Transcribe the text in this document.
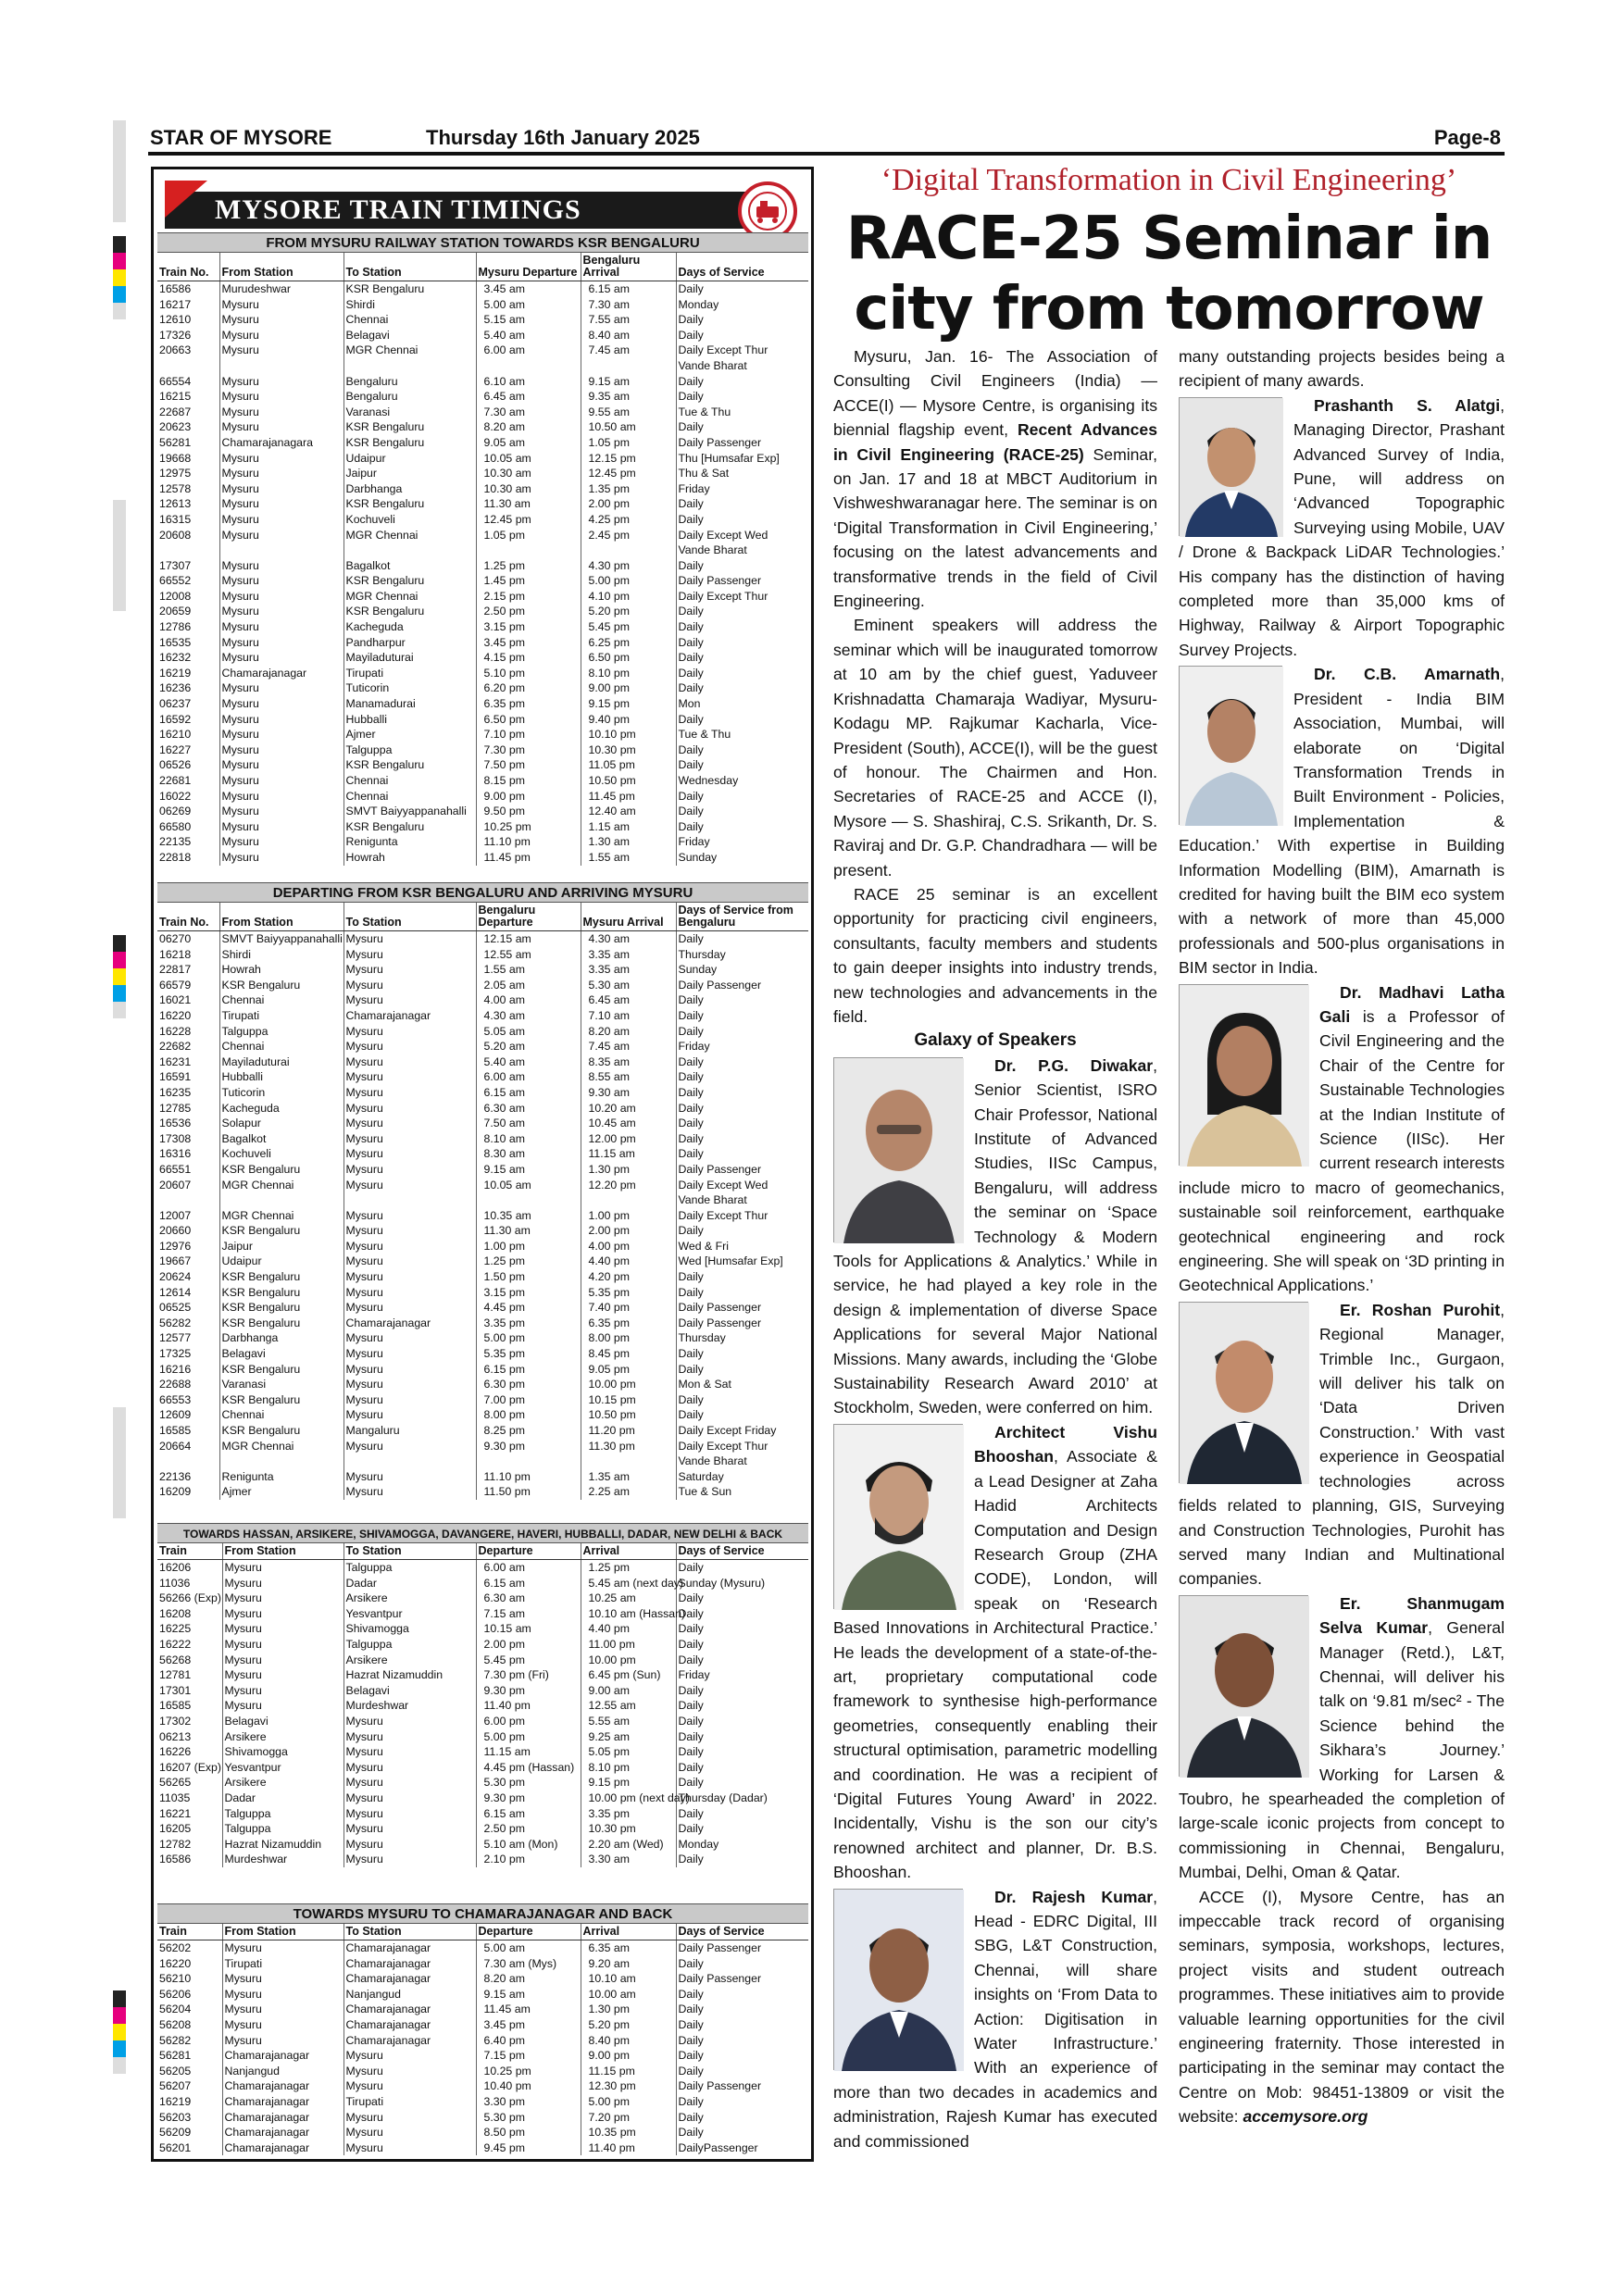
STAR OF MYSORE	Thursday 16th January 2025	Page-8
MYSORE TRAIN TIMINGS
FROM MYSURU RAILWAY STATION TOWARDS KSR BENGALURU
Train No.	From Station	To Station	Mysuru Departure	Bengaluru Arrival	Days of Service
16586	Murudeshwar	KSR Bengaluru	3.45 am	6.15 am	Daily
16217	Mysuru	Shirdi	5.00 am	7.30 am	Monday
12610	Mysuru	Chennai	5.15 am	7.55 am	Daily
17326	Mysuru	Belagavi	5.40 am	8.40 am	Daily
20663	Mysuru	MGR Chennai	6.00 am	7.45 am	Daily Except Thur
Vande Bharat
66554	Mysuru	Bengaluru	6.10 am	9.15 am	Daily
16215	Mysuru	Bengaluru	6.45 am	9.35 am	Daily
22687	Mysuru	Varanasi	7.30 am	9.55 am	Tue & Thu
20623	Mysuru	KSR Bengaluru	8.20 am	10.50 am	Daily
56281	Chamarajanagara	KSR Bengaluru	9.05 am	1.05 pm	Daily Passenger
19668	Mysuru	Udaipur	10.05 am	12.15 pm	Thu [Humsafar Exp]
12975	Mysuru	Jaipur	10.30 am	12.45 pm	Thu & Sat
12578	Mysuru	Darbhanga	10.30 am	1.35 pm	Friday
12613	Mysuru	KSR Bengaluru	11.30 am	2.00 pm	Daily
16315	Mysuru	Kochuveli	12.45 pm	4.25 pm	Daily
20608	Mysuru	MGR Chennai	1.05 pm	2.45 pm	Daily Except Wed
Vande Bharat
17307	Mysuru	Bagalkot	1.25 pm	4.30 pm	Daily
66552	Mysuru	KSR Bengaluru	1.45 pm	5.00 pm	Daily Passenger
12008	Mysuru	MGR Chennai	2.15 pm	4.10 pm	Daily Except Thur
20659	Mysuru	KSR Bengaluru	2.50 pm	5.20 pm	Daily
12786	Mysuru	Kacheguda	3.15 pm	5.45 pm	Daily
16535	Mysuru	Pandharpur	3.45 pm	6.25 pm	Daily
16232	Mysuru	Mayiladuturai	4.15 pm	6.50 pm	Daily
16219	Chamarajanagar	Tirupati	5.10 pm	8.10 pm	Daily
16236	Mysuru	Tuticorin	6.20 pm	9.00 pm	Daily
06237	Mysuru	Manamadurai	6.35 pm	9.15 pm	Mon
16592	Mysuru	Hubballi	6.50 pm	9.40 pm	Daily
16210	Mysuru	Ajmer	7.10 pm	10.10 pm	Tue & Thu
16227	Mysuru	Talguppa	7.30 pm	10.30 pm	Daily
06526	Mysuru	KSR Bengaluru	7.50 pm	11.05 pm	Daily
22681	Mysuru	Chennai	8.15 pm	10.50 pm	Wednesday
16022	Mysuru	Chennai	9.00 pm	11.45 pm	Daily
06269	Mysuru	SMVT Baiyyappanahalli	9.50 pm	12.40 am	Daily
66580	Mysuru	KSR Bengaluru	10.25 pm	1.15 am	Daily
22135	Mysuru	Renigunta	11.10 pm	1.30 am	Friday
22818	Mysuru	Howrah	11.45 pm	1.55 am	Sunday
DEPARTING FROM KSR BENGALURU AND ARRIVING MYSURU
Train No.	From Station	To Station	Bengaluru Departure	Mysuru Arrival	Days of Service from Bengaluru
06270	SMVT Baiyyappanahalli	Mysuru	12.15 am	4.30 am	Daily
16218	Shirdi	Mysuru	12.55 am	3.35 am	Thursday
22817	Howrah	Mysuru	1.55 am	3.35 am	Sunday
66579	KSR Bengaluru	Mysuru	2.05 am	5.30 am	Daily Passenger
16021	Chennai	Mysuru	4.00 am	6.45 am	Daily
16220	Tirupati	Chamarajanagar	4.30 am	7.10 am	Daily
16228	Talguppa	Mysuru	5.05 am	8.20 am	Daily
22682	Chennai	Mysuru	5.20 am	7.45 am	Friday
16231	Mayiladuturai	Mysuru	5.40 am	8.35 am	Daily
16591	Hubballi	Mysuru	6.00 am	8.55 am	Daily
16235	Tuticorin	Mysuru	6.15 am	9.30 am	Daily
12785	Kacheguda	Mysuru	6.30 am	10.20 am	Daily
16536	Solapur	Mysuru	7.50 am	10.45 am	Daily
17308	Bagalkot	Mysuru	8.10 am	12.00 pm	Daily
16316	Kochuveli	Mysuru	8.30 am	11.15 am	Daily
66551	KSR Bengaluru	Mysuru	9.15 am	1.30 pm	Daily Passenger
20607	MGR Chennai	Mysuru	10.05 am	12.20 pm	Daily Except Wed
Vande Bharat
12007	MGR Chennai	Mysuru	10.35 am	1.00 pm	Daily Except Thur
20660	KSR Bengaluru	Mysuru	11.30 am	2.00 pm	Daily
12976	Jaipur	Mysuru	1.00 pm	4.00 pm	Wed & Fri
19667	Udaipur	Mysuru	1.25 pm	4.40 pm	Wed [Humsafar Exp]
20624	KSR Bengaluru	Mysuru	1.50 pm	4.20 pm	Daily
12614	KSR Bengaluru	Mysuru	3.15 pm	5.35 pm	Daily
06525	KSR Bengaluru	Mysuru	4.45 pm	7.40 pm	Daily Passenger
56282	KSR Bengaluru	Chamarajanagar	3.35 pm	6.35 pm	Daily Passenger
12577	Darbhanga	Mysuru	5.00 pm	8.00 pm	Thursday
17325	Belagavi	Mysuru	5.35 pm	8.45 pm	Daily
16216	KSR Bengaluru	Mysuru	6.15 pm	9.05 pm	Daily
22688	Varanasi	Mysuru	6.30 pm	10.00 pm	Mon & Sat
66553	KSR Bengaluru	Mysuru	7.00 pm	10.15 pm	Daily
12609	Chennai	Mysuru	8.00 pm	10.50 pm	Daily
16585	KSR Bengaluru	Mangaluru	8.25 pm	11.20 pm	Daily Except Friday
20664	MGR Chennai	Mysuru	9.30 pm	11.30 pm	Daily Except Thur
Vande Bharat
22136	Renigunta	Mysuru	11.10 pm	1.35 am	Saturday
16209	Ajmer	Mysuru	11.50 pm	2.25 am	Tue & Sun
TOWARDS HASSAN, ARSIKERE, SHIVAMOGGA, DAVANGERE, HAVERI, HUBBALLI, DADAR, NEW DELHI & BACK
Train	From Station	To Station	Departure	Arrival	Days of Service
16206	Mysuru	Talguppa	6.00 am	1.25 pm	Daily
11036	Mysuru	Dadar	6.15 am	5.45 am (next day)	Sunday (Mysuru)
56266 (Exp)	Mysuru	Arsikere	6.30 am	10.25 am	Daily
16208	Mysuru	Yesvantpur	7.15 am	10.10 am (Hassan)	Daily
16225	Mysuru	Shivamogga	10.15 am	4.40 pm	Daily
16222	Mysuru	Talguppa	2.00 pm	11.00 pm	Daily
56268	Mysuru	Arsikere	5.45 pm	10.00 pm	Daily
12781	Mysuru	Hazrat Nizamuddin	7.30 pm (Fri)	6.45 pm (Sun)	Friday
17301	Mysuru	Belagavi	9.30 pm	9.00 am	Daily
16585	Mysuru	Murdeshwar	11.40 pm	12.55 am	Daily
17302	Belagavi	Mysuru	6.00 pm	5.55 am	Daily
06213	Arsikere	Mysuru	5.00 pm	9.25 am	Daily
16226	Shivamogga	Mysuru	11.15 am	5.05 pm	Daily
16207 (Exp)	Yesvantpur	Mysuru	4.45 pm (Hassan)	8.10 pm	Daily
56265	Arsikere	Mysuru	5.30 pm	9.15 pm	Daily
11035	Dadar	Mysuru	9.30 pm	10.00 pm (next day)	Thursday (Dadar)
16221	Talguppa	Mysuru	6.15 am	3.35 pm	Daily
16205	Talguppa	Mysuru	2.50 pm	10.30 pm	Daily
12782	Hazrat Nizamuddin	Mysuru	5.10 am (Mon)	2.20 am (Wed)	Monday
16586	Murdeshwar	Mysuru	2.10 pm	3.30 am	Daily
TOWARDS MYSURU TO CHAMARAJANAGAR AND BACK
Train	From Station	To Station	Departure	Arrival	Days of Service
56202	Mysuru	Chamarajanagar	5.00 am	6.35 am	Daily Passenger
16220	Tirupati	Chamarajanagar	7.30 am (Mys)	9.20 am	Daily
56210	Mysuru	Chamarajanagar	8.20 am	10.10 am	Daily Passenger
56206	Mysuru	Nanjangud	9.15 am	10.00 am	Daily
56204	Mysuru	Chamarajanagar	11.45 am	1.30 pm	Daily
56208	Mysuru	Chamarajanagar	3.45 pm	5.20 pm	Daily
56282	Mysuru	Chamarajanagar	6.40 pm	8.40 pm	Daily
56281	Chamarajanagar	Mysuru	7.15 pm	9.00 pm	Daily
56205	Nanjangud	Mysuru	10.25 pm	11.15 pm	Daily
56207	Chamarajanagar	Mysuru	10.40 pm	12.30 pm	Daily Passenger
16219	Chamarajanagar	Tirupati	3.30 pm	5.00 pm	Daily
56203	Chamarajanagar	Mysuru	5.30 pm	7.20 pm	Daily
56209	Chamarajanagar	Mysuru	8.50 pm	10.35 pm	Daily
56201	Chamarajanagar	Mysuru	9.45 pm	11.40 pm	DailyPassenger
‘Digital Transformation in Civil Engineering’
RACE-25 Seminar in city from tomorrow

Mysuru, Jan. 16- The Association of Consulting Civil Engineers (India) — ACCE(I) — Mysore Centre, is organising its biennial flagship event, Recent Advances in Civil Engineering (RACE-25) Seminar, on Jan. 17 and 18 at MBCT Auditorium in Vishweshwaranagar here. The seminar is on ‘Digital Transformation in Civil Engineering,’ focusing on the latest advancements and transformative trends in the field of Civil Engineering.

Eminent speakers will address the seminar which will be inaugurated tomorrow at 10 am by the chief guest, Yaduveer Krishnadatta Chamaraja Wadiyar, Mysuru-Kodagu MP. Rajkumar Kacharla, Vice-President (South), ACCE(I), will be the guest of honour. The Chairmen and Hon. Secretaries of RACE-25 and ACCE (I), Mysore — S. Shashiraj, C.S. Srikanth, Dr. S. Raviraj and Dr. G.P. Chandradhara — will be present.

RACE 25 seminar is an excellent opportunity for practicing civil engineers, consultants, faculty members and students to gain deeper insights into industry trends, new technologies and advancements in the field.

Galaxy of Speakers

Dr. P.G. Diwakar, Senior Scientist, ISRO Chair Professor, National Institute of Advanced Studies, IISc Campus, Bengaluru, will address the seminar on ‘Space Technology & Modern Tools for Applications & Analytics.’ While in service, he had played a key role in the design & implementation of diverse Space Applications for several Major National Missions. Many awards, including the ‘Globe Sustainability Research Award 2010’ at Stockholm, Sweden, were conferred on him.

Architect Vishu Bhooshan, Associate & a Lead Designer at Zaha Hadid Architects Computation and Design Research Group (ZHA CODE), London, will speak on ‘Research Based Innovations in Architectural Practice.’ He leads the development of a state-of-the-art, proprietary computational code framework to synthesise high-performance geometries, consequently enabling their structural optimisation, parametric modelling and coordination. He was a recipient of ‘Digital Futures Young Award’ in 2022. Incidentally, Vishu is the son our city’s renowned architect and planner, Dr. B.S. Bhooshan.

Dr. Rajesh Kumar, Head - EDRC Digital, III SBG, L&T Construction, Chennai, will share insights on ‘From Data to Action: Digitisation in Water Infrastructure.’ With an experience of more than two decades in academics and administration, Rajesh Kumar has executed and commissioned

many outstanding projects besides being a recipient of many awards.

Prashanth S. Alatgi, Managing Director, Prashant Advanced Survey of India, Pune, will address on ‘Advanced Topographic Surveying using Mobile, UAV / Drone & Backpack LiDAR Technologies.’ His company has the distinction of having completed more than 35,000 kms of Highway, Railway & Airport Topographic Survey Projects.

Dr. C.B. Amarnath, President - India BIM Association, Mumbai, will elaborate on ‘Digital Transformation Trends in Built Environment - Policies, Implementation & Education.’ With expertise in Building Information Modelling (BIM), Amarnath is credited for having built the BIM eco system with a network of more than 45,000 professionals and 500-plus organisations in BIM sector in India.

Dr. Madhavi Latha Gali is a Professor of Civil Engineering and the Chair of the Centre for Sustainable Technologies at the Indian Institute of Science (IISc). Her current research interests include micro to macro of geomechanics, sustainable soil reinforcement, earthquake geotechnical engineering and rock engineering. She will speak on ‘3D printing in Geotechnical Applications.’

Er. Roshan Purohit, Regional Manager, Trimble Inc., Gurgaon, will deliver his talk on ‘Data Driven Construction.’ With vast experience in Geospatial technologies across fields related to planning, GIS, Surveying and Construction Technologies, Purohit has served many Indian and Multinational companies.

Er. Shanmugam Selva Kumar, General Manager (Retd.), L&T, Chennai, will deliver his talk on ‘9.81 m/sec² - The Science behind the Sikhara’s Journey.’ Working for Larsen & Toubro, he spearheaded the completion of large-scale iconic projects from concept to commissioning in Chennai, Bengaluru, Mumbai, Delhi, Oman & Qatar.

ACCE (I), Mysore Centre, has an impeccable track record of organising seminars, symposia, workshops, lectures, project visits and student outreach programmes. These initiatives aim to provide valuable learning opportunities for the civil engineering fraternity. Those interested in participating in the seminar may contact the Centre on Mob: 98451-13809 or visit the website: accemysore.org
